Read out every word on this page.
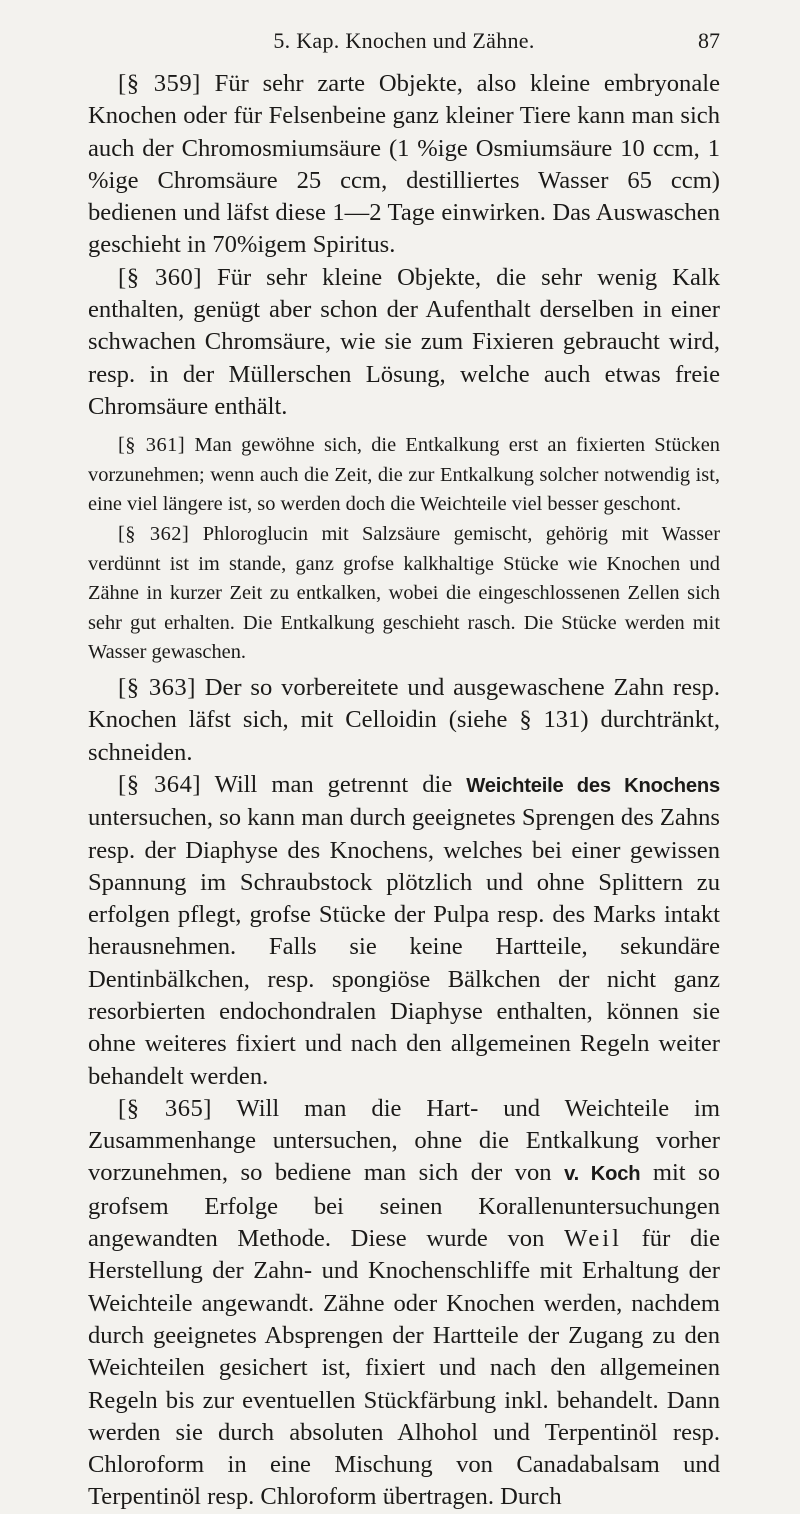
5. Kap. Knochen und Zähne.	87

[§ 359] Für sehr zarte Objekte, also kleine embryonale Knochen oder für Felsenbeine ganz kleiner Tiere kann man sich auch der Chromosmiumsäure (1 %ige Osmiumsäure 10 ccm, 1 %ige Chromsäure 25 ccm, destilliertes Wasser 65 ccm) bedienen und läfst diese 1—2 Tage einwirken. Das Auswaschen geschieht in 70%igem Spiritus.

[§ 360] Für sehr kleine Objekte, die sehr wenig Kalk enthalten, genügt aber schon der Aufenthalt derselben in einer schwachen Chromsäure, wie sie zum Fixieren gebraucht wird, resp. in der Müllerschen Lösung, welche auch etwas freie Chromsäure enthält.

[§ 361] Man gewöhne sich, die Entkalkung erst an fixierten Stücken vorzunehmen; wenn auch die Zeit, die zur Entkalkung solcher notwendig ist, eine viel längere ist, so werden doch die Weichteile viel besser geschont.

[§ 362] Phloroglucin mit Salzsäure gemischt, gehörig mit Wasser verdünnt ist im stande, ganz grofse kalkhaltige Stücke wie Knochen und Zähne in kurzer Zeit zu entkalken, wobei die eingeschlossenen Zellen sich sehr gut erhalten. Die Entkalkung geschieht rasch. Die Stücke werden mit Wasser gewaschen.

[§ 363] Der so vorbereitete und ausgewaschene Zahn resp. Knochen läfst sich, mit Celloidin (siehe § 131) durchtränkt, schneiden.

[§ 364] Will man getrennt die Weichteile des Knochens untersuchen, so kann man durch geeignetes Sprengen des Zahns resp. der Diaphyse des Knochens, welches bei einer gewissen Spannung im Schraubstock plötzlich und ohne Splittern zu erfolgen pflegt, grofse Stücke der Pulpa resp. des Marks intakt herausnehmen. Falls sie keine Hartteile, sekundäre Dentinbälkchen, resp. spongiöse Bälkchen der nicht ganz resorbierten endochondralen Diaphyse enthalten, können sie ohne weiteres fixiert und nach den allgemeinen Regeln weiter behandelt werden.

[§ 365] Will man die Hart- und Weichteile im Zusammenhange untersuchen, ohne die Entkalkung vorher vorzunehmen, so bediene man sich der von v. Koch mit so grofsem Erfolge bei seinen Korallenuntersuchungen angewandten Methode. Diese wurde von Weil für die Herstellung der Zahn- und Knochenschliffe mit Erhaltung der Weichteile angewandt. Zähne oder Knochen werden, nachdem durch geeignetes Absprengen der Hartteile der Zugang zu den Weichteilen gesichert ist, fixiert und nach den allgemeinen Regeln bis zur eventuellen Stückfärbung inkl. behandelt. Dann werden sie durch absoluten Alhohol und Terpentinöl resp. Chloroform in eine Mischung von Canadabalsam und Terpentinöl resp. Chloroform übertragen. Durch
